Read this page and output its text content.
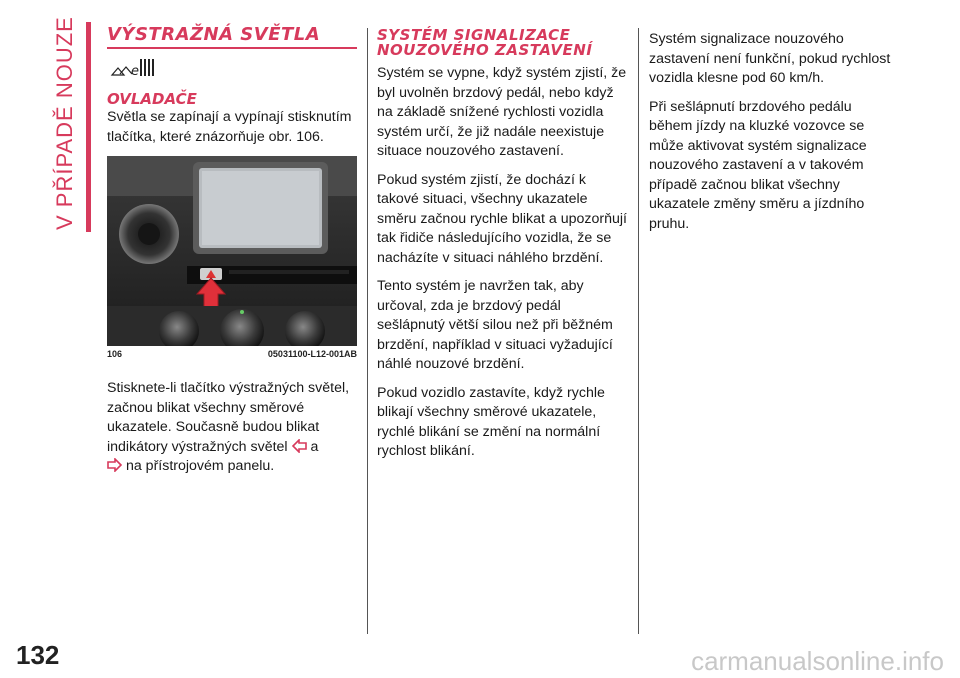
V PŘÍPADĚ NOUZE VÝSTRAŽNÁ SVĚTLA
e
OVLADAČE

Světla se zapínají a vypínají stisknutím tlačítka, které znázorňuje obr. 106.

106	05031100-L12-001AB

Stisknete-li tlačítko výstražných světel, začnou blikat všechny směrové ukazatele. Současně budou blikat indikátory výstražných světel a
na přístrojovém panelu.

SYSTÉM SIGNALIZACE
NOUZOVÉHO ZASTAVENÍ

Systém se vypne, když systém zjistí, že byl uvolněn brzdový pedál, nebo když na základě snížené rychlosti vozidla systém určí, že již nadále neexistuje situace nouzového zastavení.

Pokud systém zjistí, že dochází k takové situaci, všechny ukazatele směru začnou rychle blikat a upozorňují tak řidiče následujícího vozidla, že se nacházíte v situaci náhlého brzdění.

Tento systém je navržen tak, aby určoval, zda je brzdový pedál sešlápnutý větší silou než při běžném brzdění, například v situaci vyžadující náhlé nouzové brzdění.

Pokud vozidlo zastavíte, když rychle blikají všechny směrové ukazatele, rychlé blikání se změní na normální rychlost blikání.

Systém signalizace nouzového zastavení není funkční, pokud rychlost vozidla klesne pod 60 km/h.

Při sešlápnutí brzdového pedálu během jízdy na kluzké vozovce se může aktivovat systém signalizace nouzového zastavení a v takovém případě začnou blikat všechny ukazatele změny směru a jízdního pruhu.

132	carmanualsonline.info
